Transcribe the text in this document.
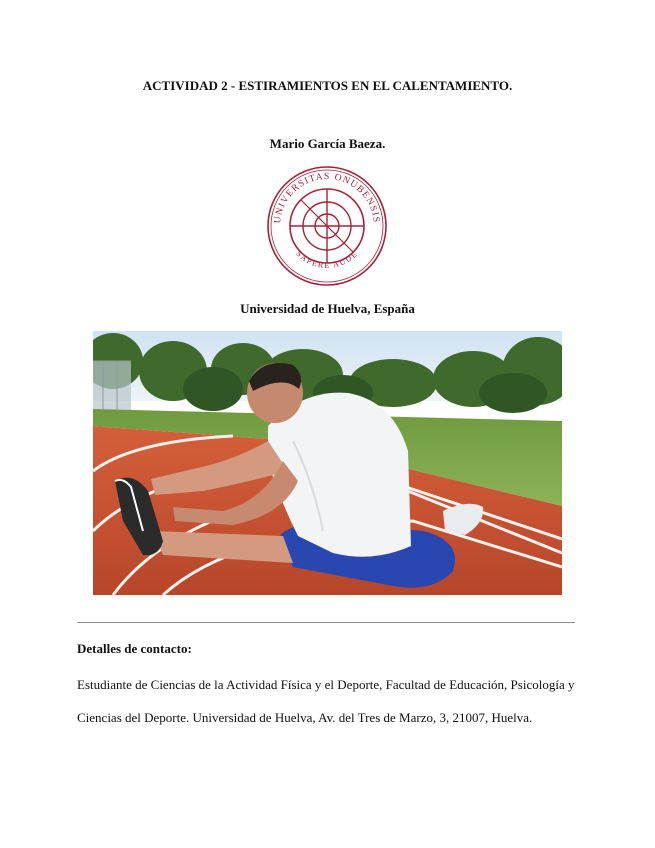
ACTIVIDAD 2 - ESTIRAMIENTOS EN EL CALENTAMIENTO.
Mario García Baeza.
UNIVERSITAS ONUBENSIS
SAPERE AUDE
Universidad de Huelva, España
Detalles de contacto:
Estudiante de Ciencias de la Actividad Física y el Deporte, Facultad de Educación, Psicología y
Ciencias del Deporte. Universidad de Huelva, Av. del Tres de Marzo, 3, 21007, Huelva.
